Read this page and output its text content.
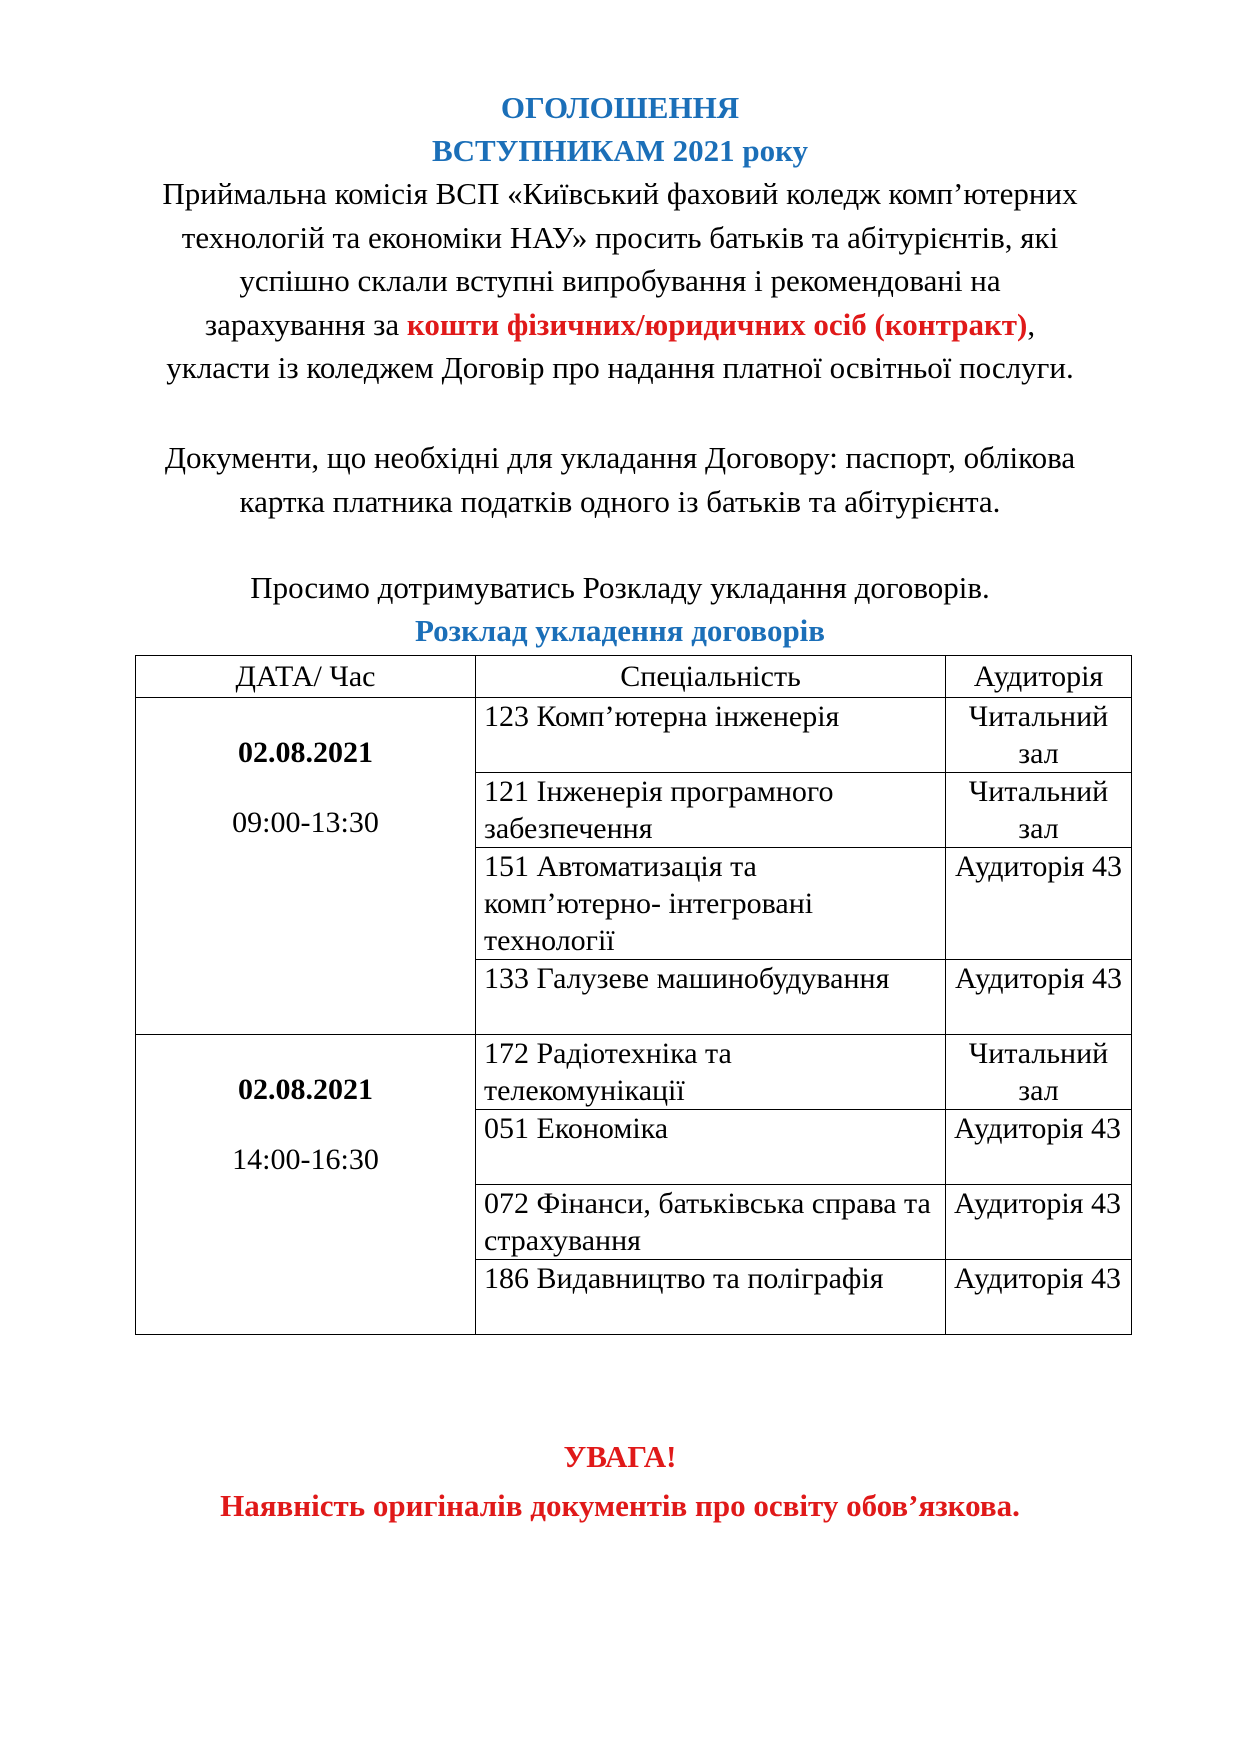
ОГОЛОШЕННЯ
ВСТУПНИКАМ 2021 року
Приймальна комісія ВСП «Київський фаховий коледж комп’ютерних
технологій та економіки НАУ» просить батьків та абітурієнтів, які
успішно склали вступні випробування і рекомендовані на
зарахування за кошти фізичних/юридичних осіб (контракт),
укласти із коледжем Договір про надання платної освітньої послуги.
Документи, що необхідні для укладання Договору: паспорт, облікова
картка платника податків одного із батьків та абітурієнта.
Просимо дотримуватись Розкладу укладання договорів.
Розклад укладення договорів
ДАТА/ Час	Спеціальність	Аудиторія

02.08.2021
09:00-13:30	123 Комп’ютерна інженерія	Читальний зал
	121 Інженерія програмного забезпечення	Читальний зал
	151 Автоматизація та комп’ютерно- інтегровані технології	Аудиторія 43
	133 Галузеве машинобудування	Аудиторія 43

02.08.2021
14:00-16:30	172 Радіотехніка та телекомунікації	Читальний зал
	051 Економіка	Аудиторія 43
	072 Фінанси, батьківська справа та страхування	Аудиторія 43
	186 Видавництво та поліграфія	Аудиторія 43
УВАГА!
Наявність оригіналів документів про освіту обов’язкова.
